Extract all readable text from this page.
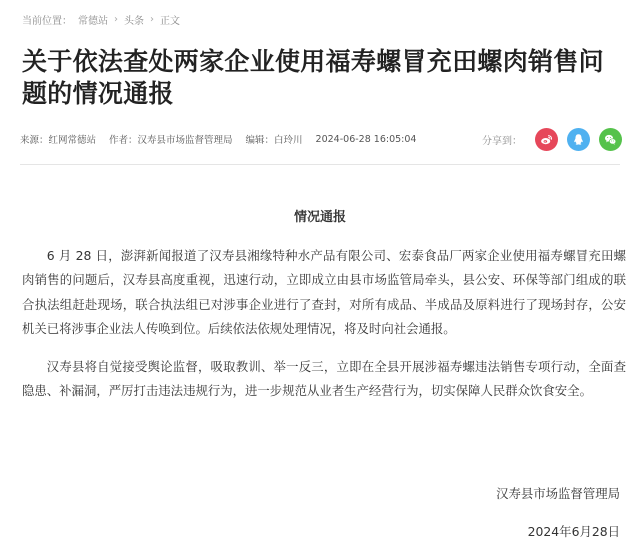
当前位置： 常德站 › 头条 › 正文
关于依法查处两家企业使用福寿螺冒充田螺肉销售问题的情况通报
来源：红网常德站 作者：汉寿县市场监督管理局 编辑：白玲川 2024-06-28 16:05:04	分享到：
情况通报

6 月 28 日，澎湃新闻报道了汉寿县湘缘特种水产品有限公司、宏泰食品厂两家企业使用福寿螺冒充田螺肉销售的问题后，汉寿县高度重视，迅速行动，立即成立由县市场监管局牵头，县公安、环保等部门组成的联合执法组赶赴现场，联合执法组已对涉事企业进行了查封，对所有成品、半成品及原料进行了现场封存，公安机关已将涉事企业法人传唤到位。后续依法依规处理情况，将及时向社会通报。

汉寿县将自觉接受舆论监督，吸取教训、举一反三，立即在全县开展涉福寿螺违法销售专项行动，全面查隐患、补漏洞，严厉打击违法违规行为，进一步规范从业者生产经营行为，切实保障人民群众饮食安全。

汉寿县市场监督管理局
2024年6月28日
